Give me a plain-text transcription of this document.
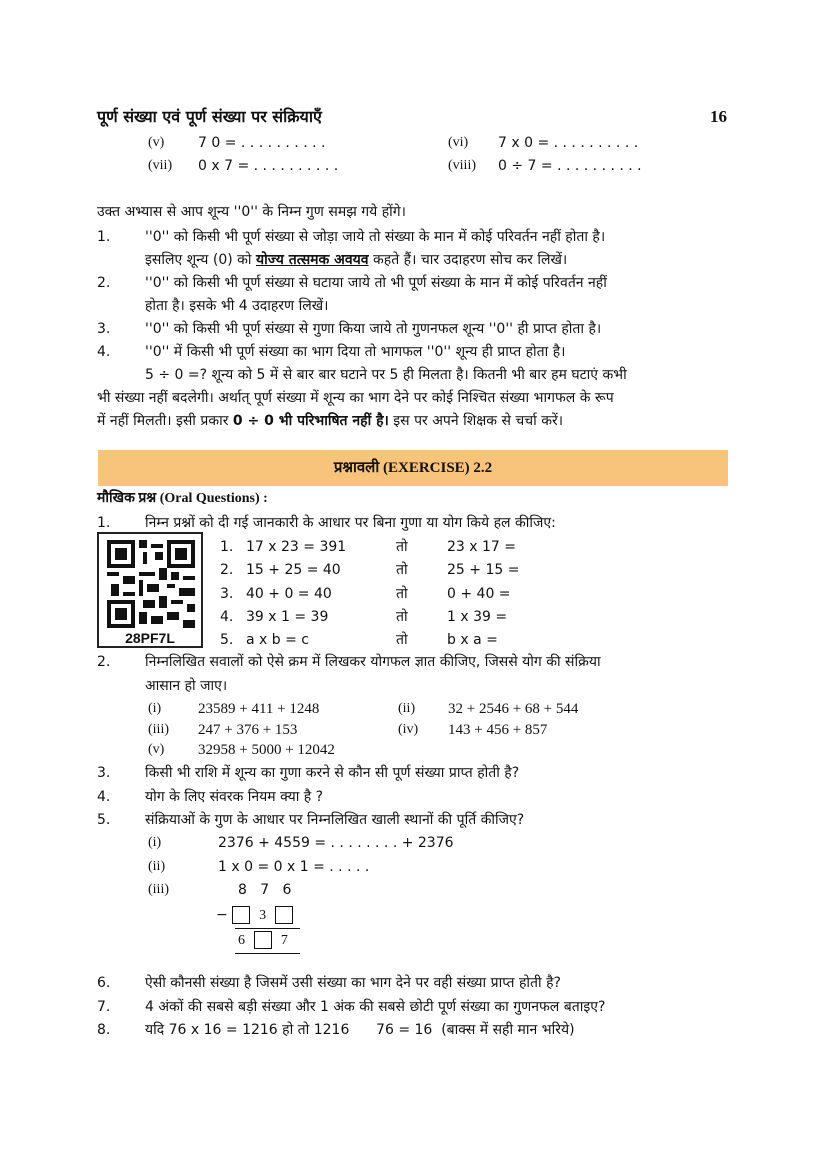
पूर्ण संख्या एवं पूर्ण संख्या पर संक्रियाएँ	16
(v) 7 0 = . . . . . . . . . .	(vi) 7 x 0 = . . . . . . . . . .
(vii) 0 x 7 = . . . . . . . . . .	(viii) 0 ÷ 7 = . . . . . . . . . .
उक्त अभ्यास से आप शून्य ''0'' के निम्न गुण समझ गये होंगे।
1. ''0'' को किसी भी पूर्ण संख्या से जोड़ा जाये तो संख्या के मान में कोई परिवर्तन नहीं होता है।
इसलिए शून्य (0) को योज्य तत्समक अवयव कहते हैं। चार उदाहरण सोच कर लिखें।
2. ''0'' को किसी भी पूर्ण संख्या से घटाया जाये तो भी पूर्ण संख्या के मान में कोई परिवर्तन नहीं
होता है। इसके भी 4 उदाहरण लिखें।
3. ''0'' को किसी भी पूर्ण संख्या से गुणा किया जाये तो गुणनफल शून्य ''0'' ही प्राप्त होता है।
4. ''0'' में किसी भी पूर्ण संख्या का भाग दिया तो भागफल ''0'' शून्य ही प्राप्त होता है।
5 ÷ 0 =? शून्य को 5 में से बार बार घटाने पर 5 ही मिलता है। कितनी भी बार हम घटाएं कभी
भी संख्या नहीं बदलेगी। अर्थात् पूर्ण संख्या में शून्य का भाग देने पर कोई निश्चित संख्या भागफल के रूप
में नहीं मिलती। इसी प्रकार 0 ÷ 0 भी परिभाषित नहीं है। इस पर अपने शिक्षक से चर्चा करें।
प्रश्नावली (EXERCISE) 2.2
मौखिक प्रश्न (Oral Questions) :
1. निम्न प्रश्नों को दी गई जानकारी के आधार पर बिना गुणा या योग किये हल कीजिए:
28PF7L
1. 17 x 23 = 391	तो	23 x 17 =
2. 15 + 25 = 40	तो	25 + 15 =
3. 40 + 0 = 40	तो	0 + 40 =
4. 39 x 1 = 39	तो	1 x 39 =
5. a x b = c	तो	b x a =
2. निम्नलिखित सवालों को ऐसे क्रम में लिखकर योगफल ज्ञात कीजिए, जिससे योग की संक्रिया
आसान हो जाए।
(i) 23589 + 411 + 1248	(ii) 32 + 2546 + 68 + 544
(iii) 247 + 376 + 153	(iv) 143 + 456 + 857
(v) 32958 + 5000 + 12042
3. किसी भी राशि में शून्य का गुणा करने से कौन सी पूर्ण संख्या प्राप्त होती है?
4. योग के लिए संवरक नियम क्या है ?
5. संक्रियाओं के गुण के आधार पर निम्नलिखित खाली स्थानों की पूर्ति कीजिए?
(i)	2376 + 4559 = . . . . . . . . + 2376
(ii)	1 x 0 = 0 x 1 = . . . . .
(iii)	8   7   6
− 3
6	7
6. ऐसी कौनसी संख्या है जिसमें उसी संख्या का भाग देने पर वही संख्या प्राप्त होती है?
7. 4 अंकों की सबसे बड़ी संख्या और 1 अंक की सबसे छोटी पूर्ण संख्या का गुणनफल बताइए?
8. यदि 76 x 16 = 1216 हो तो 1216      76 = 16  (बाक्स में सही मान भरिये)
